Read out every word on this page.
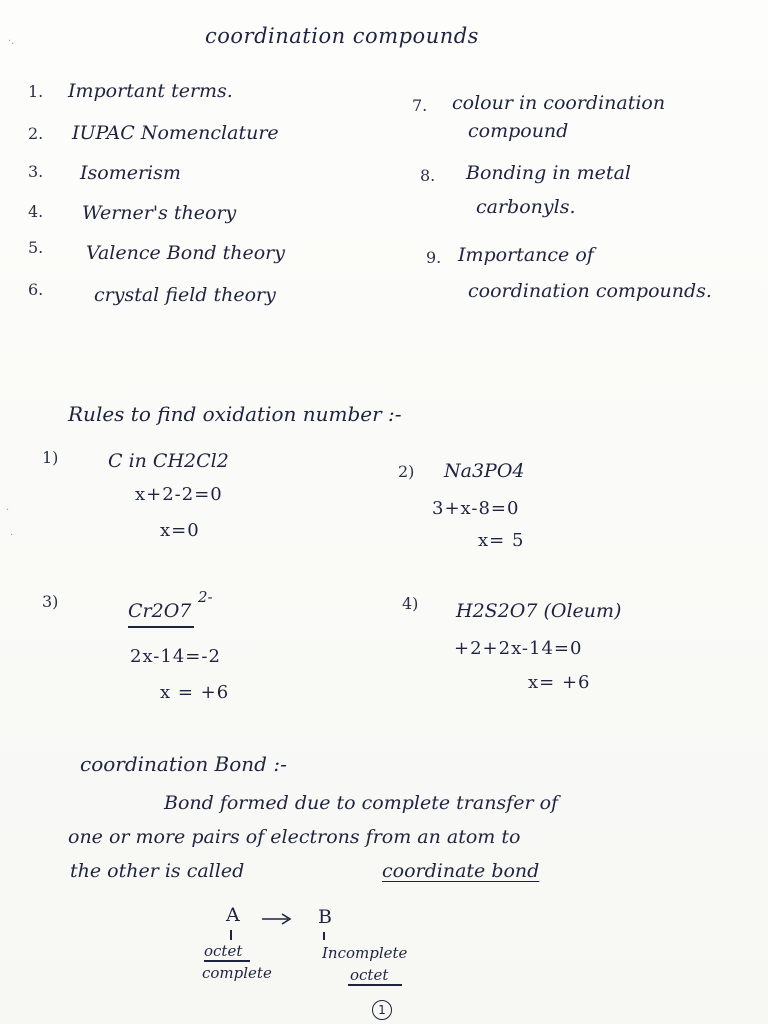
·.
·
·
coordination compounds
1. Important terms.
2. IUPAC Nomenclature
3. Isomerism
4. Werner's theory
5. Valence Bond theory
6.	crystal field theory
7. colour in coordination
compound
8. Bonding in metal
carbonyls.
9. Importance of
coordination compounds.
Rules to find oxidation number :-
1)	C in CH2Cl2
x+2-2=0
x=0
2) Na3PO4
3+x-8=0
x= 5
3)	Cr2O7
2-
2x-14=-2
x = +6
4) H2S2O7 (Oleum)
+2+2x-14=0
x= +6
coordination Bond :-
Bond formed due to complete transfer of
one or more pairs of electrons from an atom to
the other is called	coordinate bond
A	B
octet
complete
Incomplete
octet
1
